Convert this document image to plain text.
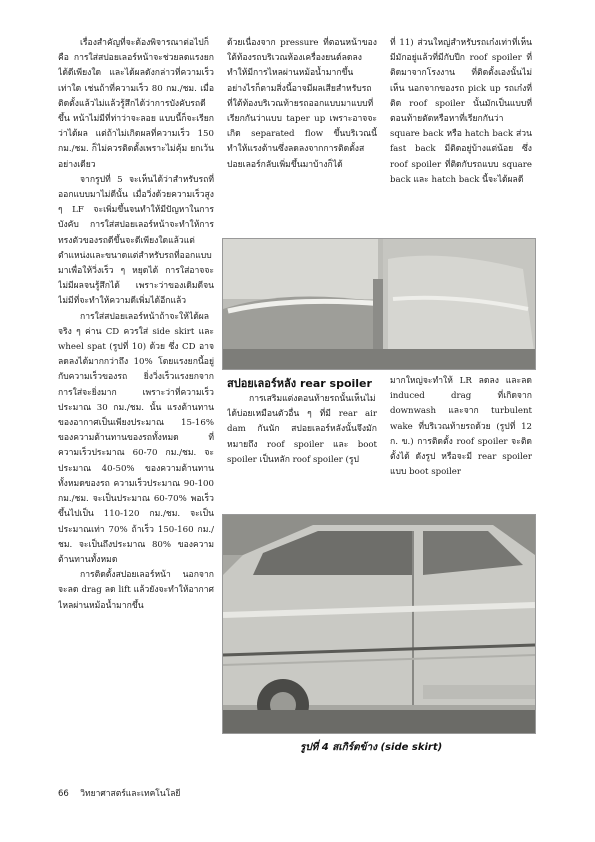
เรื่องสำคัญที่จะต้องพิจารณาต่อไปก็คือ การใส่สปอยเลอร์หน้าจะช่วยลดแรงยกได้ดีเพียงใด และได้ผลดังกล่าวที่ความเร็วเท่าใด เช่นถ้าที่ความเร็ว 80 กม./ชม. เมื่อติดตั้งแล้วไม่แล้วรู้สึกได้ว่าการบังคับรถดีขึ้น หน้าไม่มีที่ท่าว่าจะลอย แบบนี้ก็จะเรียกว่าได้ผล แต่ถ้าไม่เกิดผลที่ความเร็ว 150 กม./ชม. ก็ไม่ควรติดตั้งเพราะไม่คุ้ม ยกเว้นอย่างเดียว

จากรูปที่ 5 จะเห็นได้ว่าสำหรับรถที่ออกแบบมาไม่ดีนั้น เมื่อวิ่งด้วยความเร็วสูง ๆ LF จะเพิ่มขึ้นจนทำให้มีปัญหาในการบังคับ การใส่สปอยเลอร์หน้าจะทำให้การทรงตัวของรถดีขึ้นจะดีเพียงใดแล้วแต่ตำแหน่งและขนาดแต่สำหรับรถที่ออกแบบมาเพื่อให้วิ่งเร็ว ๆ หยุดได้ การใส่อาจจะไม่มีผลจนรู้สึกได้ เพราะว่าของเดิมดีจนไม่มีที่จะทำให้ความดีเพิ่มได้อีกแล้ว

การใส่สปอยเลอร์หน้าถ้าจะให้ได้ผลจริง ๆ ค่าน CD ควรใส่ side skirt และ wheel spat (รูปที่ 10) ด้วย ซึ่ง CD อาจลดลงได้มากกว่าถึง 10% โดยแรงยกนี้อยู่กับความเร็วของรถ ยิ่งวิ่งเร็วแรงยกจากการใส่จะยิ่งมาก เพราะว่าที่ความเร็วประมาณ 30 กม./ชม. นั้น แรงต้านทานของอากาศเป็นเพียงประมาณ 15-16% ของความต้านทานของรถทั้งหมด ที่ความเร็วประมาณ 60-70 กม./ชม. จะประมาณ 40-50% ของความต้านทานทั้งหมดของรถ ความเร็วประมาณ 90-100 กม./ชม. จะเป็นประมาณ 60-70% พอเร็วขึ้นไปเป็น 110-120 กม./ชม. จะเป็นประมาณเท่า 70% ถ้าเร็ว 150-160 กม./ชม. จะเป็นถึงประมาณ 80% ของความต้านทานทั้งหมด

การติดตั้งสปอยเลอร์หน้า นอกจากจะลด drag ลด lift แล้วยังจะทำให้อากาศไหลผ่านหม้อน้ำมากขึ้น

ด้วยเนื่องจาก pressure ที่ตอนหน้าของใต้ท้องรถบริเวณห้องเครื่องยนต์ลดลงทำให้มีการไหลผ่านหม้อน้ำมากขึ้น อย่างไรก็ตามสิ่งนี้อาจมีผลเสียสำหรับรถที่ใต้ท้องบริเวณท้ายรถออกแบบมาแบบที่เรียกกันว่าแบบ taper up เพราะอาจจะเกิด separated flow ขึ้นบริเวณนี้ ทำให้แรงต้านซึ่งลดลงจากการติดตั้งสปอยเลอร์กลับเพิ่มขึ้นมาบ้างก็ได้

ที่ 11) ส่วนใหญ่สำหรับรถเก๋งเท่าที่เห็นมีมักอยู่แล้วที่มีกับปีก roof spoiler ที่ติดมาจากโรงงาน ที่ติดตั้งเองนั้นไม่เห็น นอกจากของรถ pick up รถเก๋งที่ติด roof spoiler นั้นมักเป็นแบบที่ตอนท้ายตัดหรือหาที่เรียกกันว่า square back หรือ hatch back ส่วน fast back มีติดอยู่บ้างแต่น้อย ซึ่ง roof spoiler ที่ติดกับรถแบบ square back และ hatch back นี้จะได้ผลดี

สปอยเลอร์หลัง rear spoiler

การเสริมแต่งตอนท้ายรถนั้นเห็นไม่ได้บ่อยเหมือนตัวอื่น ๆ ที่มี rear air dam กันนัก สปอยเลอร์หลังนั้นจึงมักหมายถึง roof spoiler และ boot spoiler เป็นหลัก roof spoiler (รูป

มากใหญ่จะทำให้ LR ลดลง และลด induced drag ที่เกิดจาก downwash และจาก turbulent wake ที่บริเวณท้ายรถด้วย (รูปที่ 12 ก. ข.) การติดตั้ง roof spoiler จะติดตั้งได้ ดังรูป หรือจะมี rear spoiler แบบ boot spoiler

รูปที่ 4 สเกิร์ตข้าง (side skirt)
66 วิทยาศาสตร์และเทคโนโลยี
